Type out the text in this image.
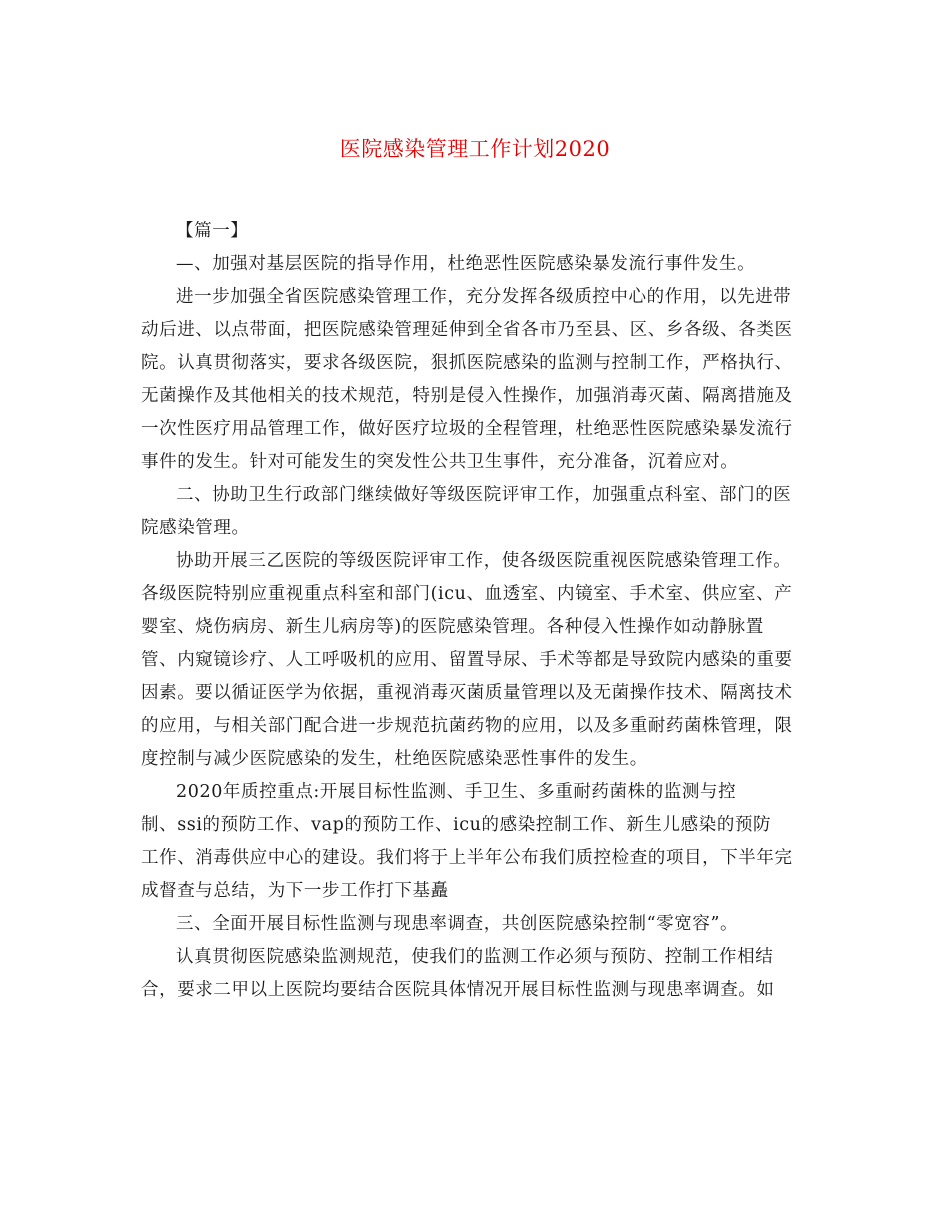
医院感染管理工作计划2020
【篇一】
—、加强对基层医院的指导作用，杜绝恶性医院感染暴发流行事件发生。
进一步加强全省医院感染管理工作，充分发挥各级质控中心的作用，以先进带
动后进、以点带面，把医院感染管理延伸到全省各市乃至县、区、乡各级、各类医
院。认真贯彻落实，要求各级医院，狠抓医院感染的监测与控制工作，严格执行、
无菌操作及其他相关的技术规范，特别是侵入性操作，加强消毒灭菌、隔离措施及
一次性医疗用品管理工作，做好医疗垃圾的全程管理，杜绝恶性医院感染暴发流行
事件的发生。针对可能发生的突发性公共卫生事件，充分准备，沉着应对。
二、协助卫生行政部门继续做好等级医院评审工作，加强重点科室、部门的医
院感染管理。
协助开展三乙医院的等级医院评审工作，使各级医院重视医院感染管理工作。
各级医院特别应重视重点科室和部门(icu、血透室、内镜室、手术室、供应室、产
婴室、烧伤病房、新生儿病房等)的医院感染管理。各种侵入性操作如动静脉置
管、内窥镜诊疗、人工呼吸机的应用、留置导尿、手术等都是导致院内感染的重要
因素。要以循证医学为依据，重视消毒灭菌质量管理以及无菌操作技术、隔离技术
的应用，与相关部门配合进一步规范抗菌药物的应用，以及多重耐药菌株管理，限
度控制与减少医院感染的发生，杜绝医院感染恶性事件的发生。
2020年质控重点:开展目标性监测、手卫生、多重耐药菌株的监测与控
制、ssi的预防工作、vap的预防工作、icu的感染控制工作、新生儿感染的预防
工作、消毒供应中心的建设。我们将于上半年公布我们质控检查的项目，下半年完
成督查与总结，为下一步工作打下基矗
三、全面开展目标性监测与现患率调查，共创医院感染控制“零宽容”。
认真贯彻医院感染监测规范，使我们的监测工作必须与预防、控制工作相结
合，要求二甲以上医院均要结合医院具体情况开展目标性监测与现患率调查。如
